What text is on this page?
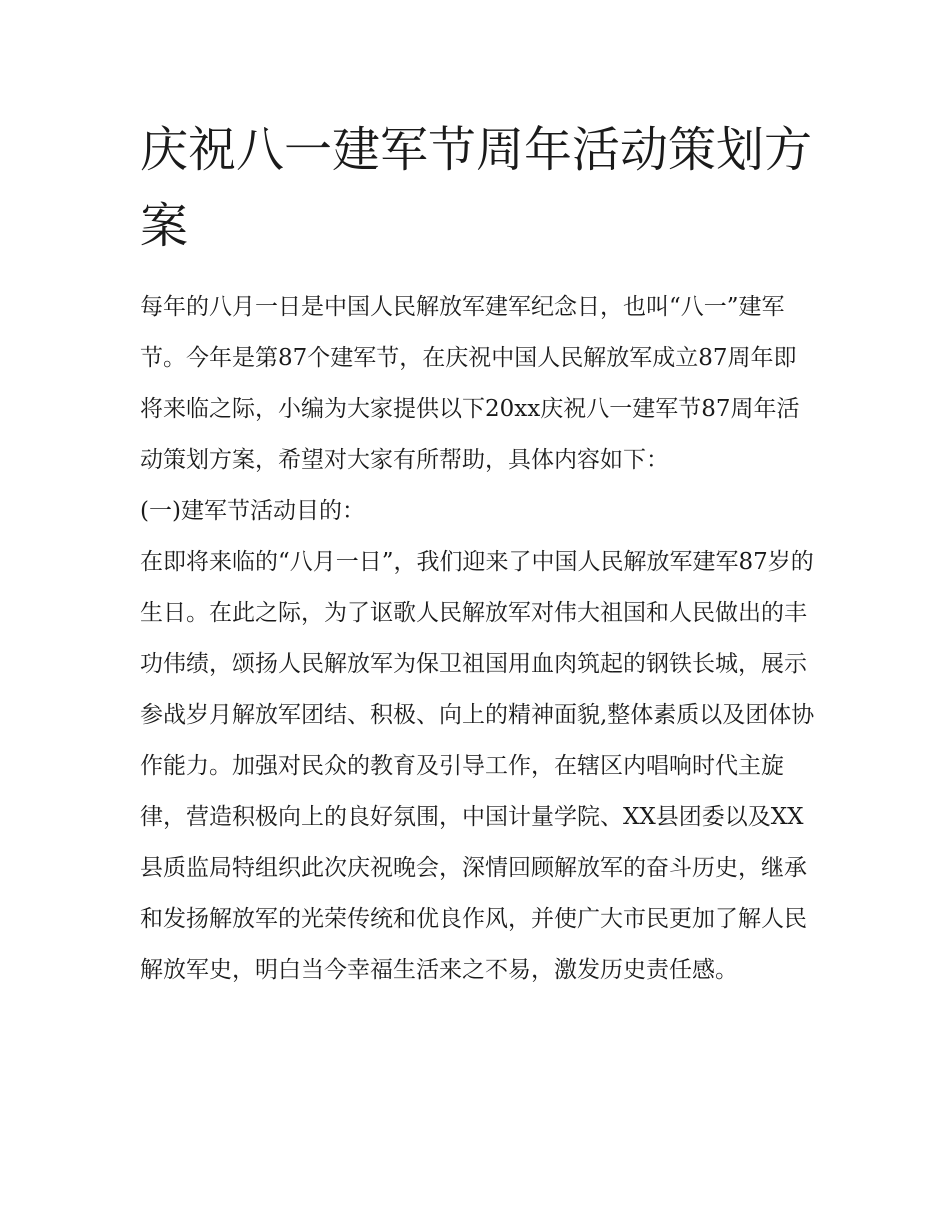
庆祝八一建军节周年活动策划方案

每年的八月一日是中国人民解放军建军纪念日，也叫“八一”建军节。今年是第87个建军节，在庆祝中国人民解放军成立87周年即将来临之际，小编为大家提供以下20xx庆祝八一建军节87周年活动策划方案，希望对大家有所帮助，具体内容如下：

(一)建军节活动目的：

在即将来临的“八月一日”，我们迎来了中国人民解放军建军87岁的生日。在此之际，为了讴歌人民解放军对伟大祖国和人民做出的丰功伟绩，颂扬人民解放军为保卫祖国用血肉筑起的钢铁长城，展示参战岁月解放军团结、积极、向上的精神面貌,整体素质以及团体协作能力。加强对民众的教育及引导工作，在辖区内唱响时代主旋律，营造积极向上的良好氛围，中国计量学院、XX县团委以及XX县质监局特组织此次庆祝晚会，深情回顾解放军的奋斗历史，继承和发扬解放军的光荣传统和优良作风，并使广大市民更加了解人民解放军史，明白当今幸福生活来之不易，激发历史责任感。
